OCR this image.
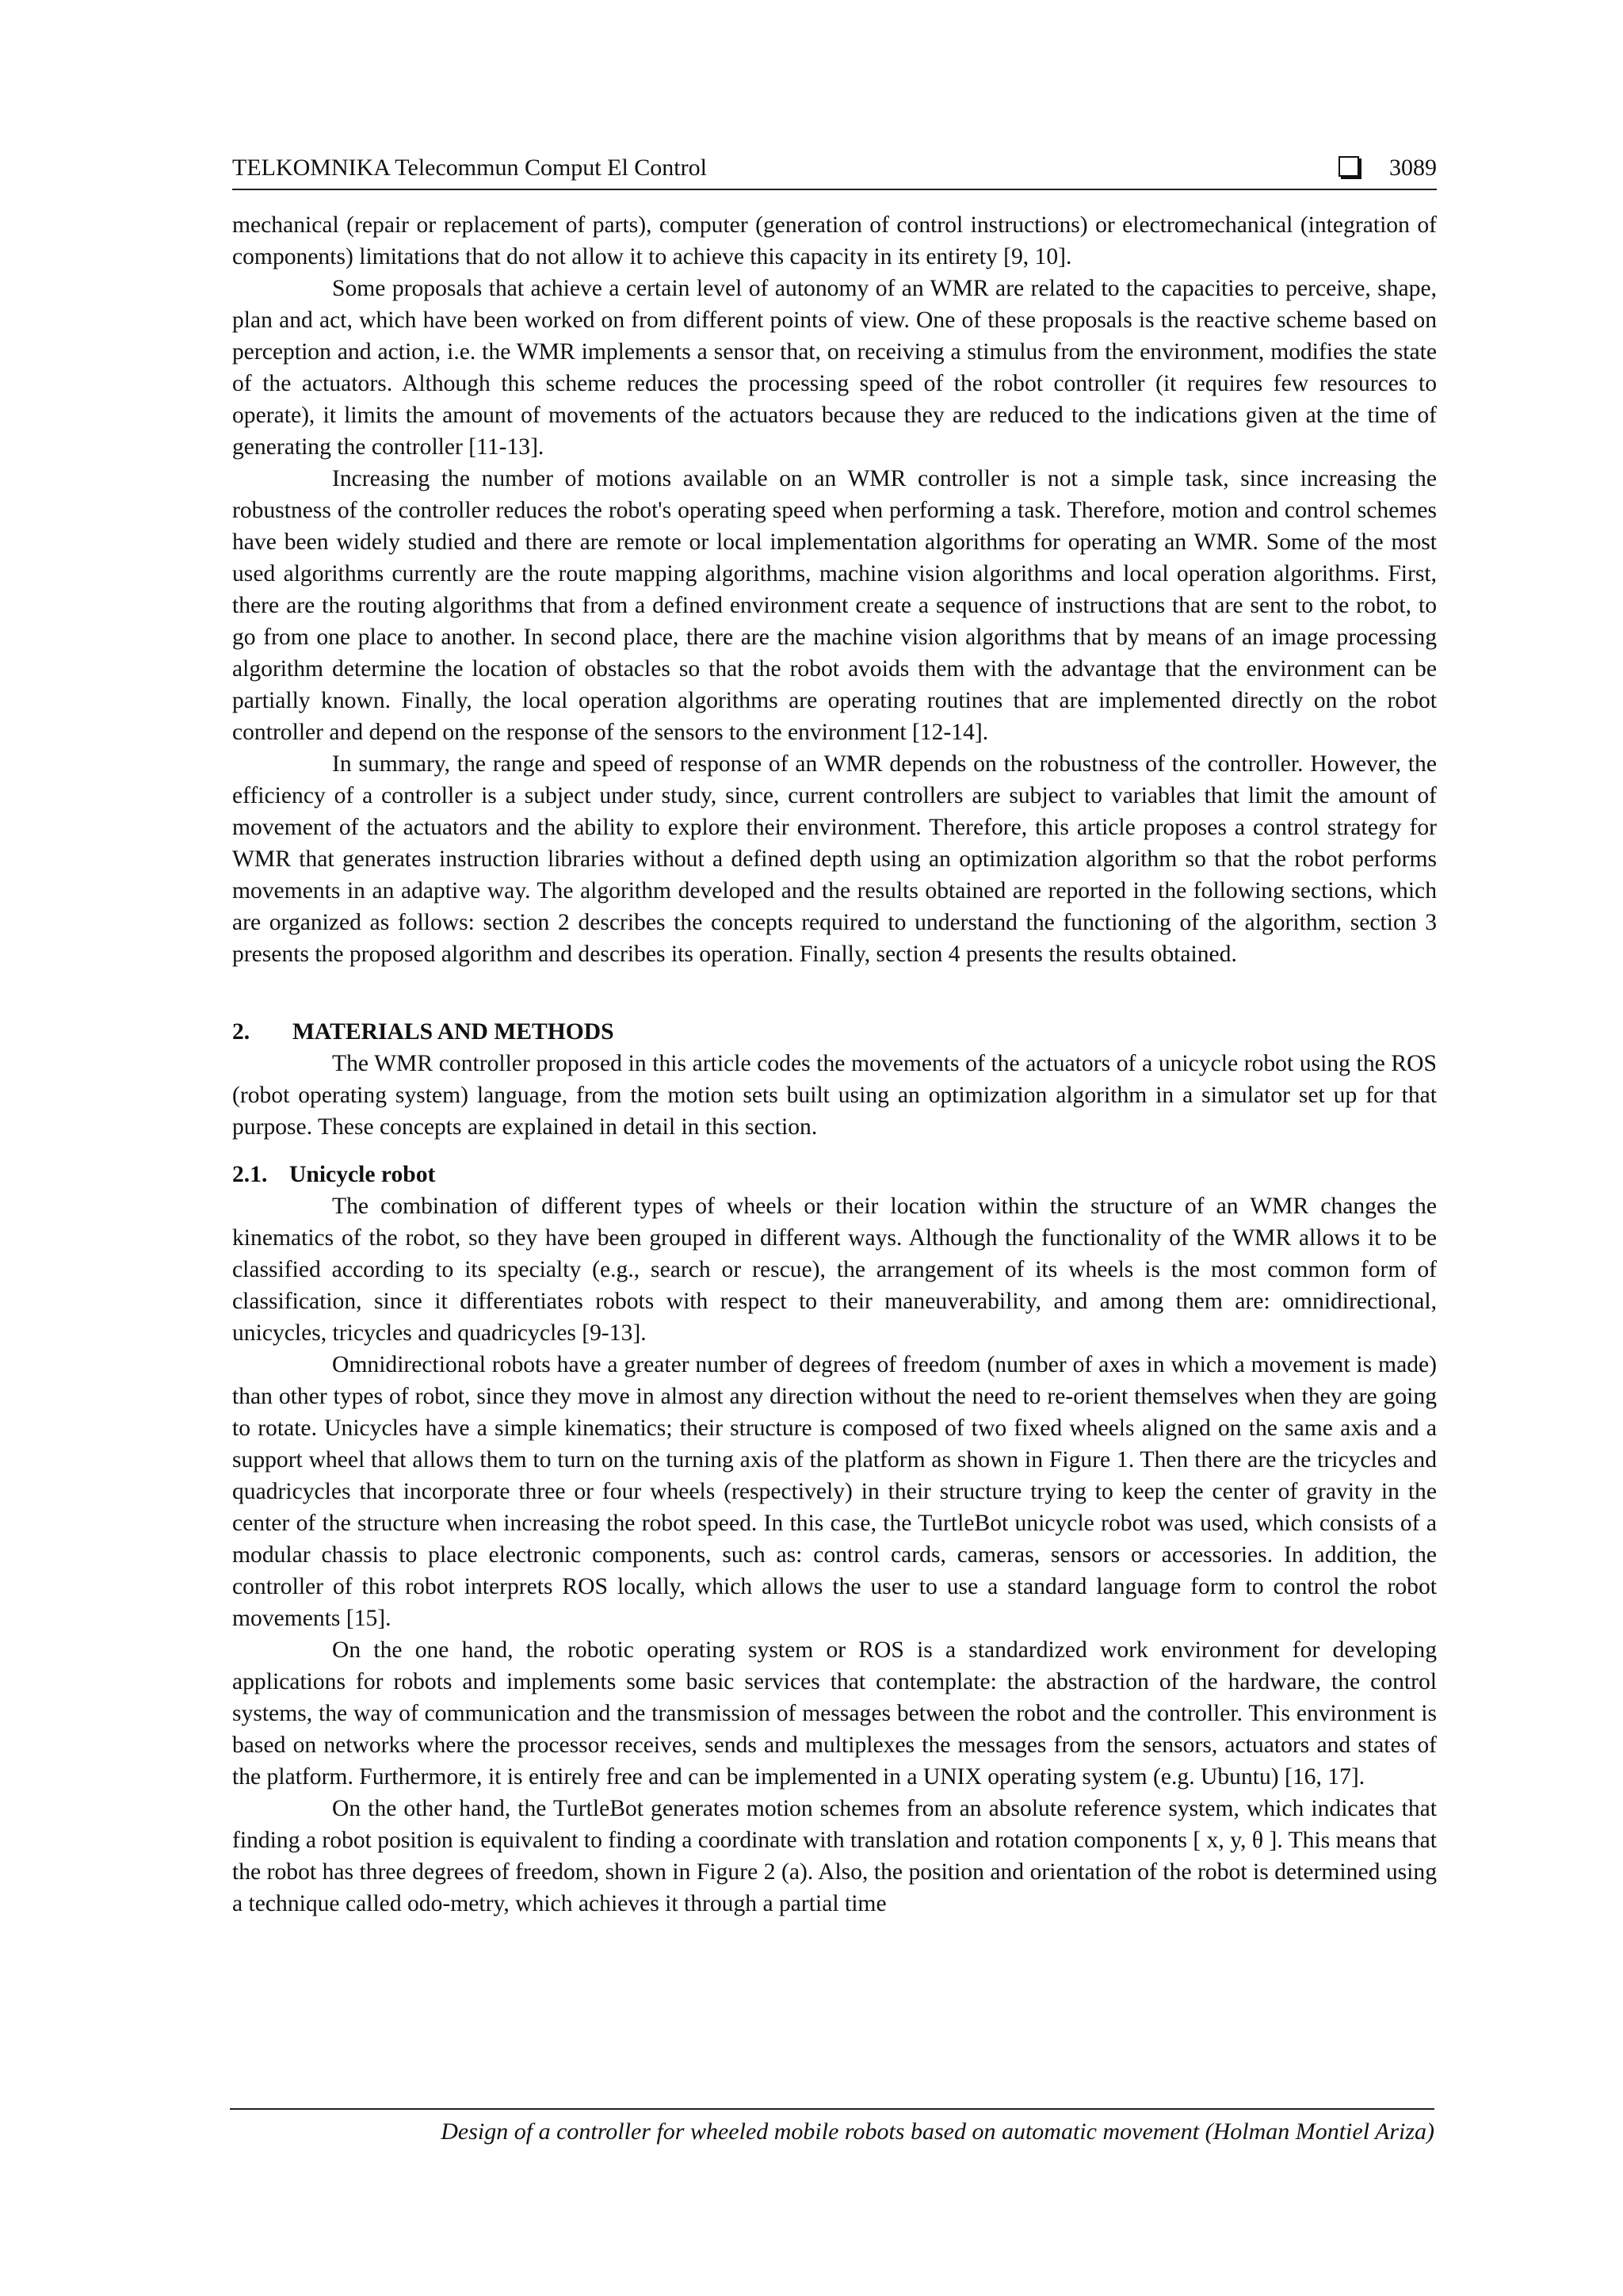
TELKOMNIKA Telecommun Comput El Control	3089

mechanical (repair or replacement of parts), computer (generation of control instructions) or electromechanical (integration of components) limitations that do not allow it to achieve this capacity in its entirety [9, 10].

Some proposals that achieve a certain level of autonomy of an WMR are related to the capacities to perceive, shape, plan and act, which have been worked on from different points of view. One of these proposals is the reactive scheme based on perception and action, i.e. the WMR implements a sensor that, on receiving a stimulus from the environment, modifies the state of the actuators. Although this scheme reduces the processing speed of the robot controller (it requires few resources to operate), it limits the amount of movements of the actuators because they are reduced to the indications given at the time of generating the controller [11-13].

Increasing the number of motions available on an WMR controller is not a simple task, since increasing the robustness of the controller reduces the robot's operating speed when performing a task. Therefore, motion and control schemes have been widely studied and there are remote or local implementation algorithms for operating an WMR. Some of the most used algorithms currently are the route mapping algorithms, machine vision algorithms and local operation algorithms. First, there are the routing algorithms that from a defined environment create a sequence of instructions that are sent to the robot, to go from one place to another. In second place, there are the machine vision algorithms that by means of an image processing algorithm determine the location of obstacles so that the robot avoids them with the advantage that the environment can be partially known. Finally, the local operation algorithms are operating routines that are implemented directly on the robot controller and depend on the response of the sensors to the environment [12-14].

In summary, the range and speed of response of an WMR depends on the robustness of the controller. However, the efficiency of a controller is a subject under study, since, current controllers are subject to variables that limit the amount of movement of the actuators and the ability to explore their environment. Therefore, this article proposes a control strategy for WMR that generates instruction libraries without a defined depth using an optimization algorithm so that the robot performs movements in an adaptive way. The algorithm developed and the results obtained are reported in the following sections, which are organized as follows: section 2 describes the concepts required to understand the functioning of the algorithm, section 3 presents the proposed algorithm and describes its operation. Finally, section 4 presents the results obtained.

2. MATERIALS AND METHODS

The WMR controller proposed in this article codes the movements of the actuators of a unicycle robot using the ROS (robot operating system) language, from the motion sets built using an optimization algorithm in a simulator set up for that purpose. These concepts are explained in detail in this section.

2.1. Unicycle robot

The combination of different types of wheels or their location within the structure of an WMR changes the kinematics of the robot, so they have been grouped in different ways. Although the functionality of the WMR allows it to be classified according to its specialty (e.g., search or rescue), the arrangement of its wheels is the most common form of classification, since it differentiates robots with respect to their maneuverability, and among them are: omnidirectional, unicycles, tricycles and quadricycles [9-13].

Omnidirectional robots have a greater number of degrees of freedom (number of axes in which a movement is made) than other types of robot, since they move in almost any direction without the need to re-orient themselves when they are going to rotate. Unicycles have a simple kinematics; their structure is composed of two fixed wheels aligned on the same axis and a support wheel that allows them to turn on the turning axis of the platform as shown in Figure 1. Then there are the tricycles and quadricycles that incorporate three or four wheels (respectively) in their structure trying to keep the center of gravity in the center of the structure when increasing the robot speed. In this case, the TurtleBot unicycle robot was used, which consists of a modular chassis to place electronic components, such as: control cards, cameras, sensors or accessories. In addition, the controller of this robot interprets ROS locally, which allows the user to use a standard language form to control the robot movements [15].

On the one hand, the robotic operating system or ROS is a standardized work environment for developing applications for robots and implements some basic services that contemplate: the abstraction of the hardware, the control systems, the way of communication and the transmission of messages between the robot and the controller. This environment is based on networks where the processor receives, sends and multiplexes the messages from the sensors, actuators and states of the platform. Furthermore, it is entirely free and can be implemented in a UNIX operating system (e.g. Ubuntu) [16, 17].

On the other hand, the TurtleBot generates motion schemes from an absolute reference system, which indicates that finding a robot position is equivalent to finding a coordinate with translation and rotation components [ x, y, θ ]. This means that the robot has three degrees of freedom, shown in Figure 2 (a). Also, the position and orientation of the robot is determined using a technique called odo-metry, which achieves it through a partial time

Design of a controller for wheeled mobile robots based on automatic movement (Holman Montiel Ariza)
